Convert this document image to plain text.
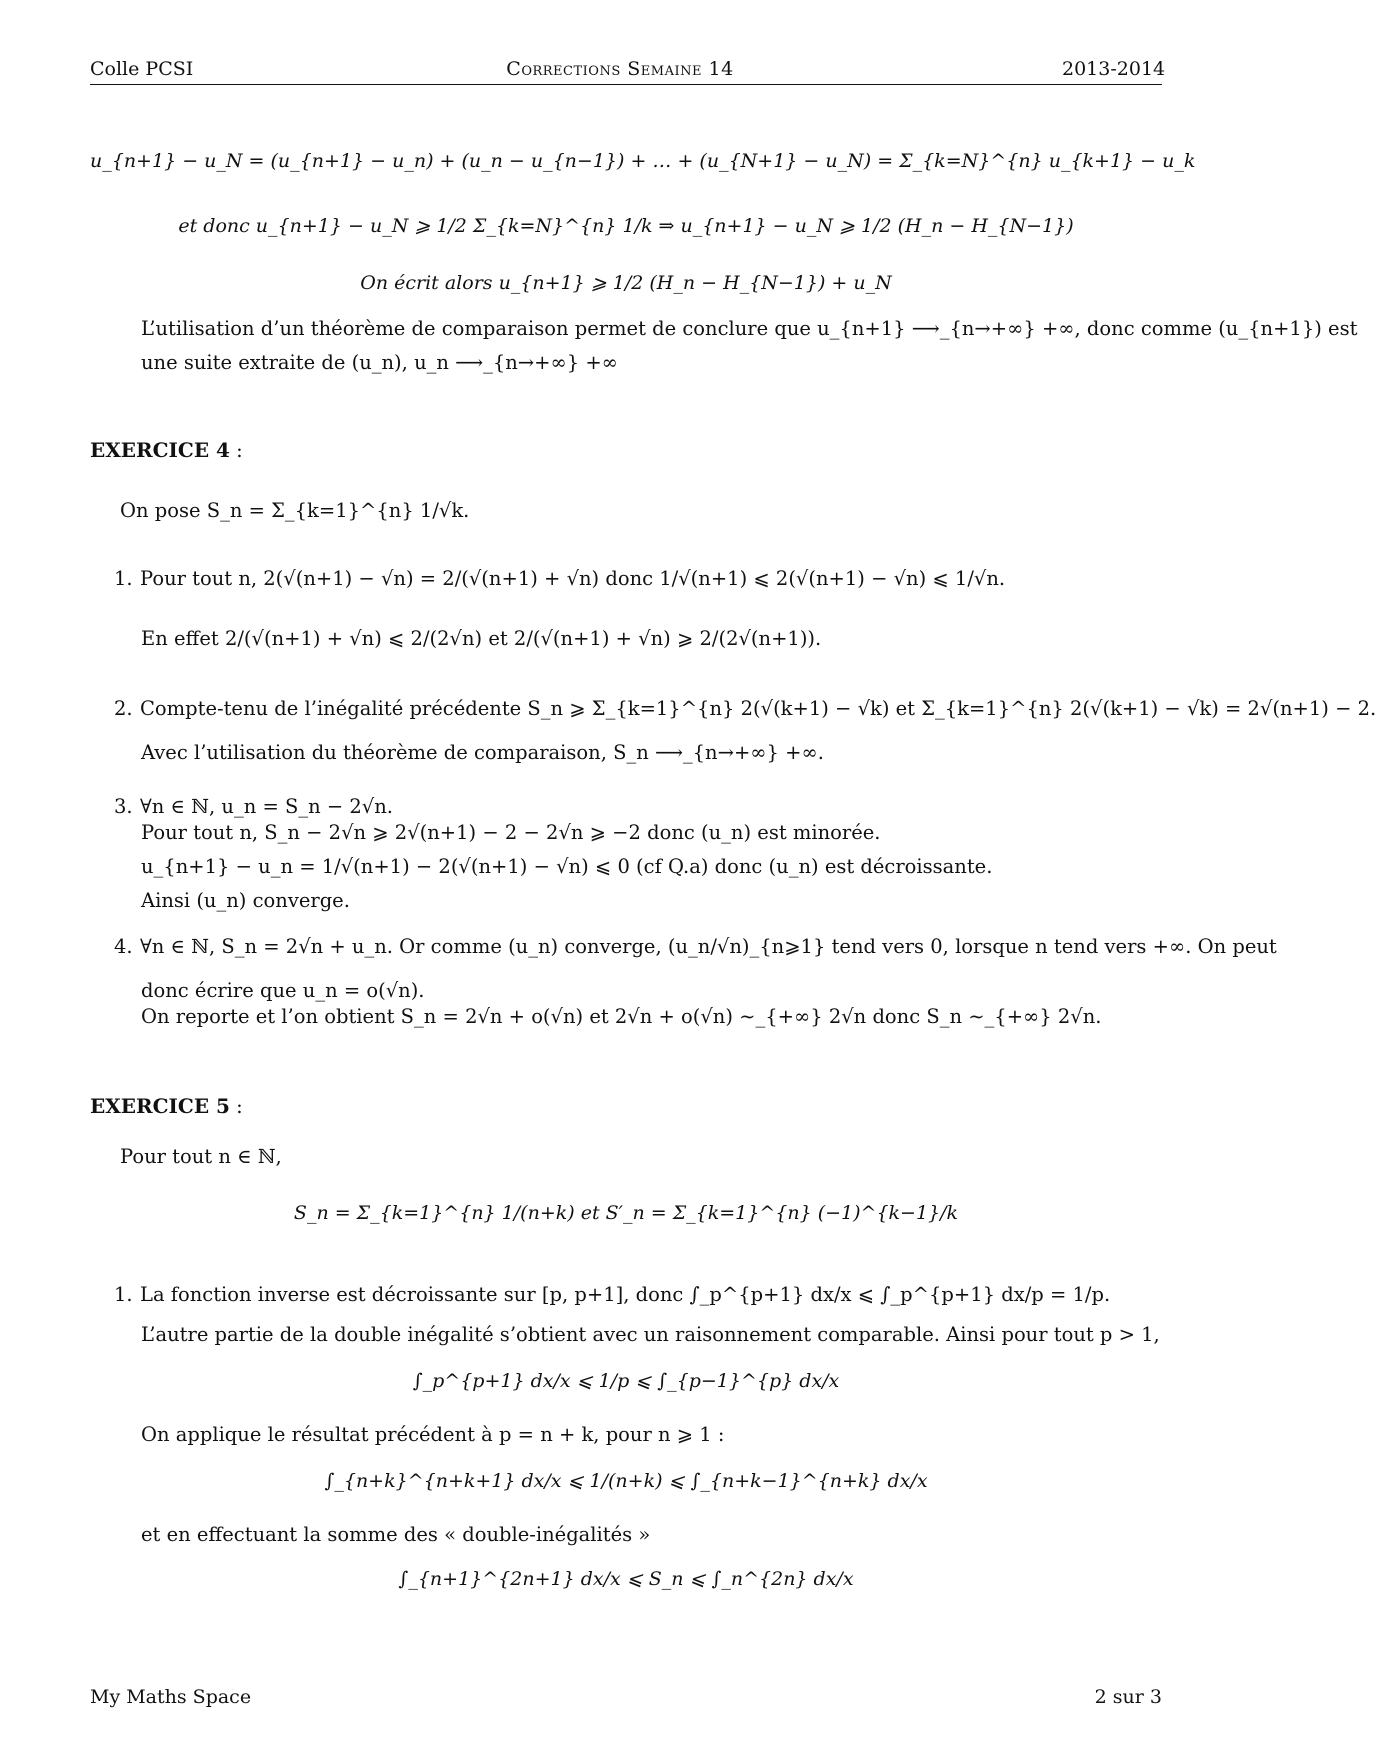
Colle PCSI	Corrections Semaine 14	2013-2014
u_{n+1} − u_N = (u_{n+1} − u_n) + (u_n − u_{n−1}) + … + (u_{N+1} − u_N) = Σ_{k=N}^{n} u_{k+1} − u_k
et donc u_{n+1} − u_N ⩾ 1/2 Σ_{k=N}^{n} 1/k ⇒ u_{n+1} − u_N ⩾ 1/2 (H_n − H_{N−1})
On écrit alors u_{n+1} ⩾ 1/2 (H_n − H_{N−1}) + u_N
L’utilisation d’un théorème de comparaison permet de conclure que u_{n+1} ⟶_{n→+∞} +∞, donc comme (u_{n+1}) est
une suite extraite de (u_n), u_n ⟶_{n→+∞} +∞
EXERCICE 4 :
On pose S_n = Σ_{k=1}^{n} 1/√k.
1. Pour tout n, 2(√(n+1) − √n) = 2/(√(n+1) + √n) donc 1/√(n+1) ⩽ 2(√(n+1) − √n) ⩽ 1/√n.
En effet 2/(√(n+1) + √n) ⩽ 2/(2√n) et 2/(√(n+1) + √n) ⩾ 2/(2√(n+1)).
2. Compte-tenu de l’inégalité précédente S_n ⩾ Σ_{k=1}^{n} 2(√(k+1) − √k) et Σ_{k=1}^{n} 2(√(k+1) − √k) = 2√(n+1) − 2.
Avec l’utilisation du théorème de comparaison, S_n ⟶_{n→+∞} +∞.
3. ∀n ∈ ℕ, u_n = S_n − 2√n.
Pour tout n, S_n − 2√n ⩾ 2√(n+1) − 2 − 2√n ⩾ −2 donc (u_n) est minorée.
u_{n+1} − u_n = 1/√(n+1) − 2(√(n+1) − √n) ⩽ 0 (cf Q.a) donc (u_n) est décroissante.
Ainsi (u_n) converge.
4. ∀n ∈ ℕ, S_n = 2√n + u_n. Or comme (u_n) converge, (u_n/√n)_{n⩾1} tend vers 0, lorsque n tend vers +∞. On peut
donc écrire que u_n = o(√n).
On reporte et l’on obtient S_n = 2√n + o(√n) et 2√n + o(√n) ∼_{+∞} 2√n donc S_n ∼_{+∞} 2√n.
EXERCICE 5 :
Pour tout n ∈ ℕ,
S_n = Σ_{k=1}^{n} 1/(n+k) et S′_n = Σ_{k=1}^{n} (−1)^{k−1}/k
1. La fonction inverse est décroissante sur [p, p+1], donc ∫_p^{p+1} dx/x ⩽ ∫_p^{p+1} dx/p = 1/p.
L’autre partie de la double inégalité s’obtient avec un raisonnement comparable. Ainsi pour tout p > 1,
∫_p^{p+1} dx/x ⩽ 1/p ⩽ ∫_{p−1}^{p} dx/x
On applique le résultat précédent à p = n + k, pour n ⩾ 1 :
∫_{n+k}^{n+k+1} dx/x ⩽ 1/(n+k) ⩽ ∫_{n+k−1}^{n+k} dx/x
et en effectuant la somme des « double-inégalités »
∫_{n+1}^{2n+1} dx/x ⩽ S_n ⩽ ∫_n^{2n} dx/x
My Maths Space	2 sur 3
